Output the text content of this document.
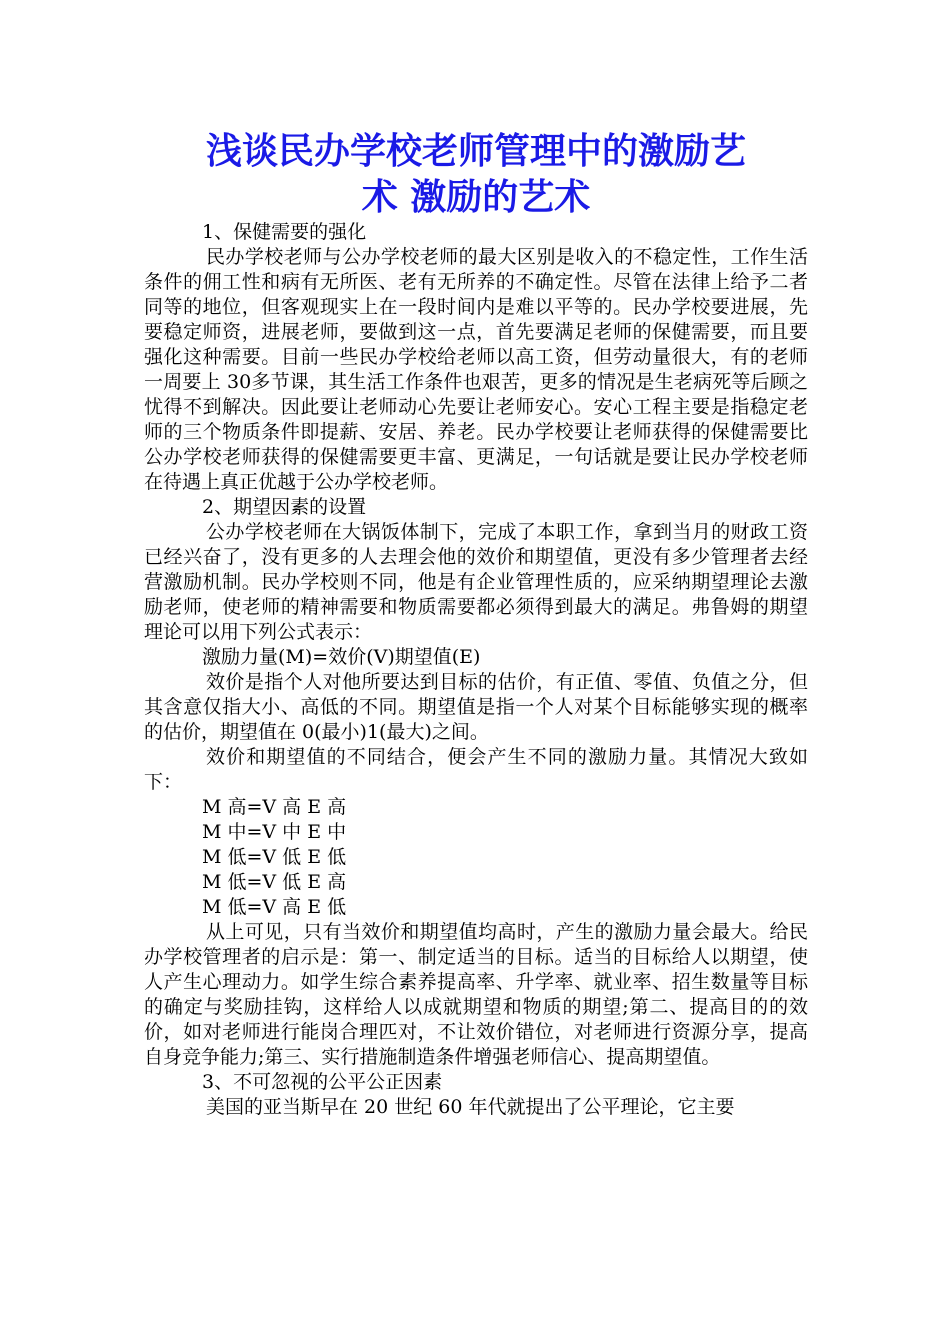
浅谈民办学校老师管理中的激励艺
术 激励的艺术

1、保健需要的强化

民办学校老师与公办学校老师的最大区别是收入的不稳定性，工作生活条件的佣工性和病有无所医、老有无所养的不确定性。尽管在法律上给予二者同等的地位，但客观现实上在一段时间内是难以平等的。民办学校要进展，先要稳定师资，进展老师，要做到这一点，首先要满足老师的保健需要，而且要强化这种需要。目前一些民办学校给老师以高工资，但劳动量很大，有的老师一周要上 30多节课，其生活工作条件也艰苦，更多的情况是生老病死等后顾之忧得不到解决。因此要让老师动心先要让老师安心。安心工程主要是指稳定老师的三个物质条件即提薪、安居、养老。民办学校要让老师获得的保健需要比公办学校老师获得的保健需要更丰富、更满足，一句话就是要让民办学校老师在待遇上真正优越于公办学校老师。

2、期望因素的设置

公办学校老师在大锅饭体制下，完成了本职工作，拿到当月的财政工资已经兴奋了，没有更多的人去理会他的效价和期望值，更没有多少管理者去经营激励机制。民办学校则不同，他是有企业管理性质的，应采纳期望理论去激励老师，使老师的精神需要和物质需要都必须得到最大的满足。弗鲁姆的期望理论可以用下列公式表示：

激励力量(M)=效价(V)期望值(E)

效价是指个人对他所要达到目标的估价，有正值、零值、负值之分，但其含意仅指大小、高低的不同。期望值是指一个人对某个目标能够实现的概率的估价，期望值在 0(最小)1(最大)之间。

效价和期望值的不同结合，便会产生不同的激励力量。其情况大致如下：

M 高=V 高 E 高

M 中=V 中 E 中

M 低=V 低 E 低

M 低=V 低 E 高

M 低=V 高 E 低

从上可见，只有当效价和期望值均高时，产生的激励力量会最大。给民办学校管理者的启示是：第一、制定适当的目标。适当的目标给人以期望，使人产生心理动力。如学生综合素养提高率、升学率、就业率、招生数量等目标的确定与奖励挂钩，这样给人以成就期望和物质的期望;第二、提高目的的效价，如对老师进行能岗合理匹对，不让效价错位，对老师进行资源分享，提高自身竞争能力;第三、实行措施制造条件增强老师信心、提高期望值。

3、不可忽视的公平公正因素

美国的亚当斯早在 20 世纪 60 年代就提出了公平理论，它主要
